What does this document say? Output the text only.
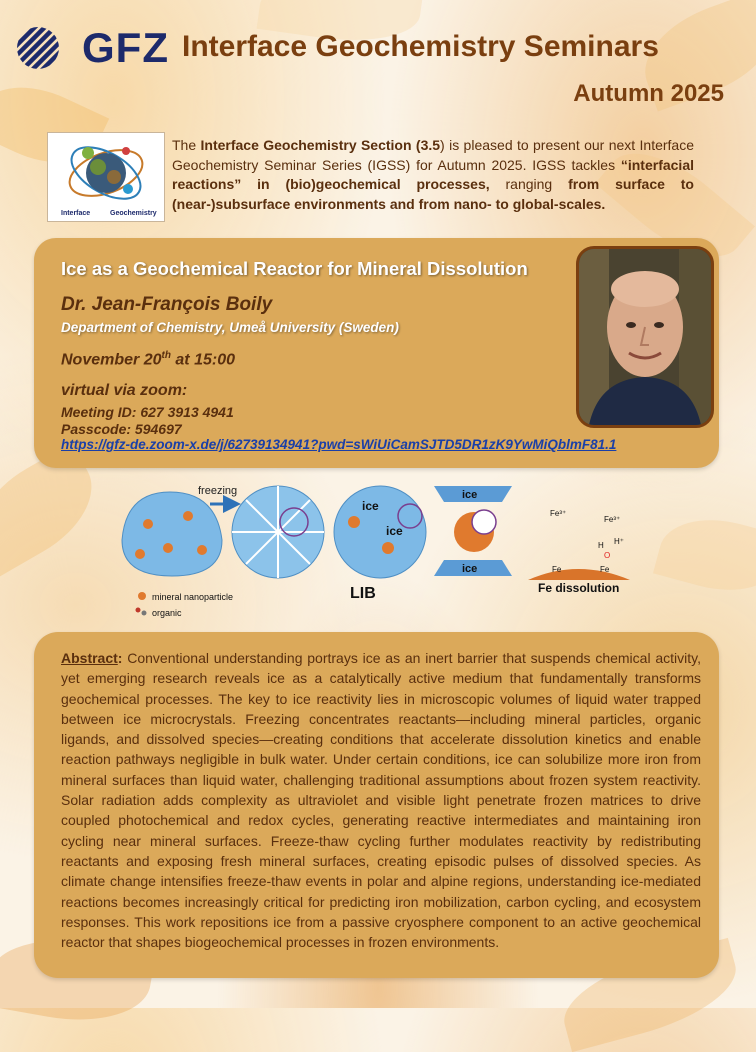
GFZ Interface Geochemistry Seminars
Autumn 2025
Interface	Geochemistry
The Interface Geochemistry Section (3.5) is pleased to present our next Interface Geochemistry Seminar Series (IGSS) for Autumn 2025. IGSS tackles “interfacial reactions” in (bio)geochemical processes, ranging from surface to (near-)subsurface environments and from nano- to global-scales.
Ice as a Geochemical Reactor for Mineral Dissolution
Dr. Jean-François Boily
Department of Chemistry, Umeå University (Sweden)
November 20th at 15:00
virtual via zoom:
Meeting ID: 627 3913 4941
Passcode: 594697
https://gfz-de.zoom-x.de/j/62739134941?pwd=sWiUiCamSJTD5DR1zK9YwMiQblmF81.1
freezing
ice
ice
LIB
ice
ice
Fe³⁺
Fe³⁺
H H⁺
O
Fe	Fe
Fe dissolution
mineral nanoparticle
organic
Abstract: Conventional understanding portrays ice as an inert barrier that suspends chemical activity, yet emerging research reveals ice as a catalytically active medium that fundamentally transforms geochemical processes. The key to ice reactivity lies in microscopic volumes of liquid water trapped between ice microcrystals. Freezing concentrates reactants—including mineral particles, organic ligands, and dissolved species—creating conditions that accelerate dissolution kinetics and enable reaction pathways negligible in bulk water. Under certain conditions, ice can solubilize more iron from mineral surfaces than liquid water, challenging traditional assumptions about frozen system reactivity. Solar radiation adds complexity as ultraviolet and visible light penetrate frozen matrices to drive coupled photochemical and redox cycles, generating reactive intermediates and maintaining iron cycling near mineral surfaces. Freeze-thaw cycling further modulates reactivity by redistributing reactants and exposing fresh mineral surfaces, creating episodic pulses of dissolved species. As climate change intensifies freeze-thaw events in polar and alpine regions, understanding ice-mediated reactions becomes increasingly critical for predicting iron mobilization, carbon cycling, and ecosystem responses. This work repositions ice from a passive cryosphere component to an active geochemical reactor that shapes biogeochemical processes in frozen environments.
